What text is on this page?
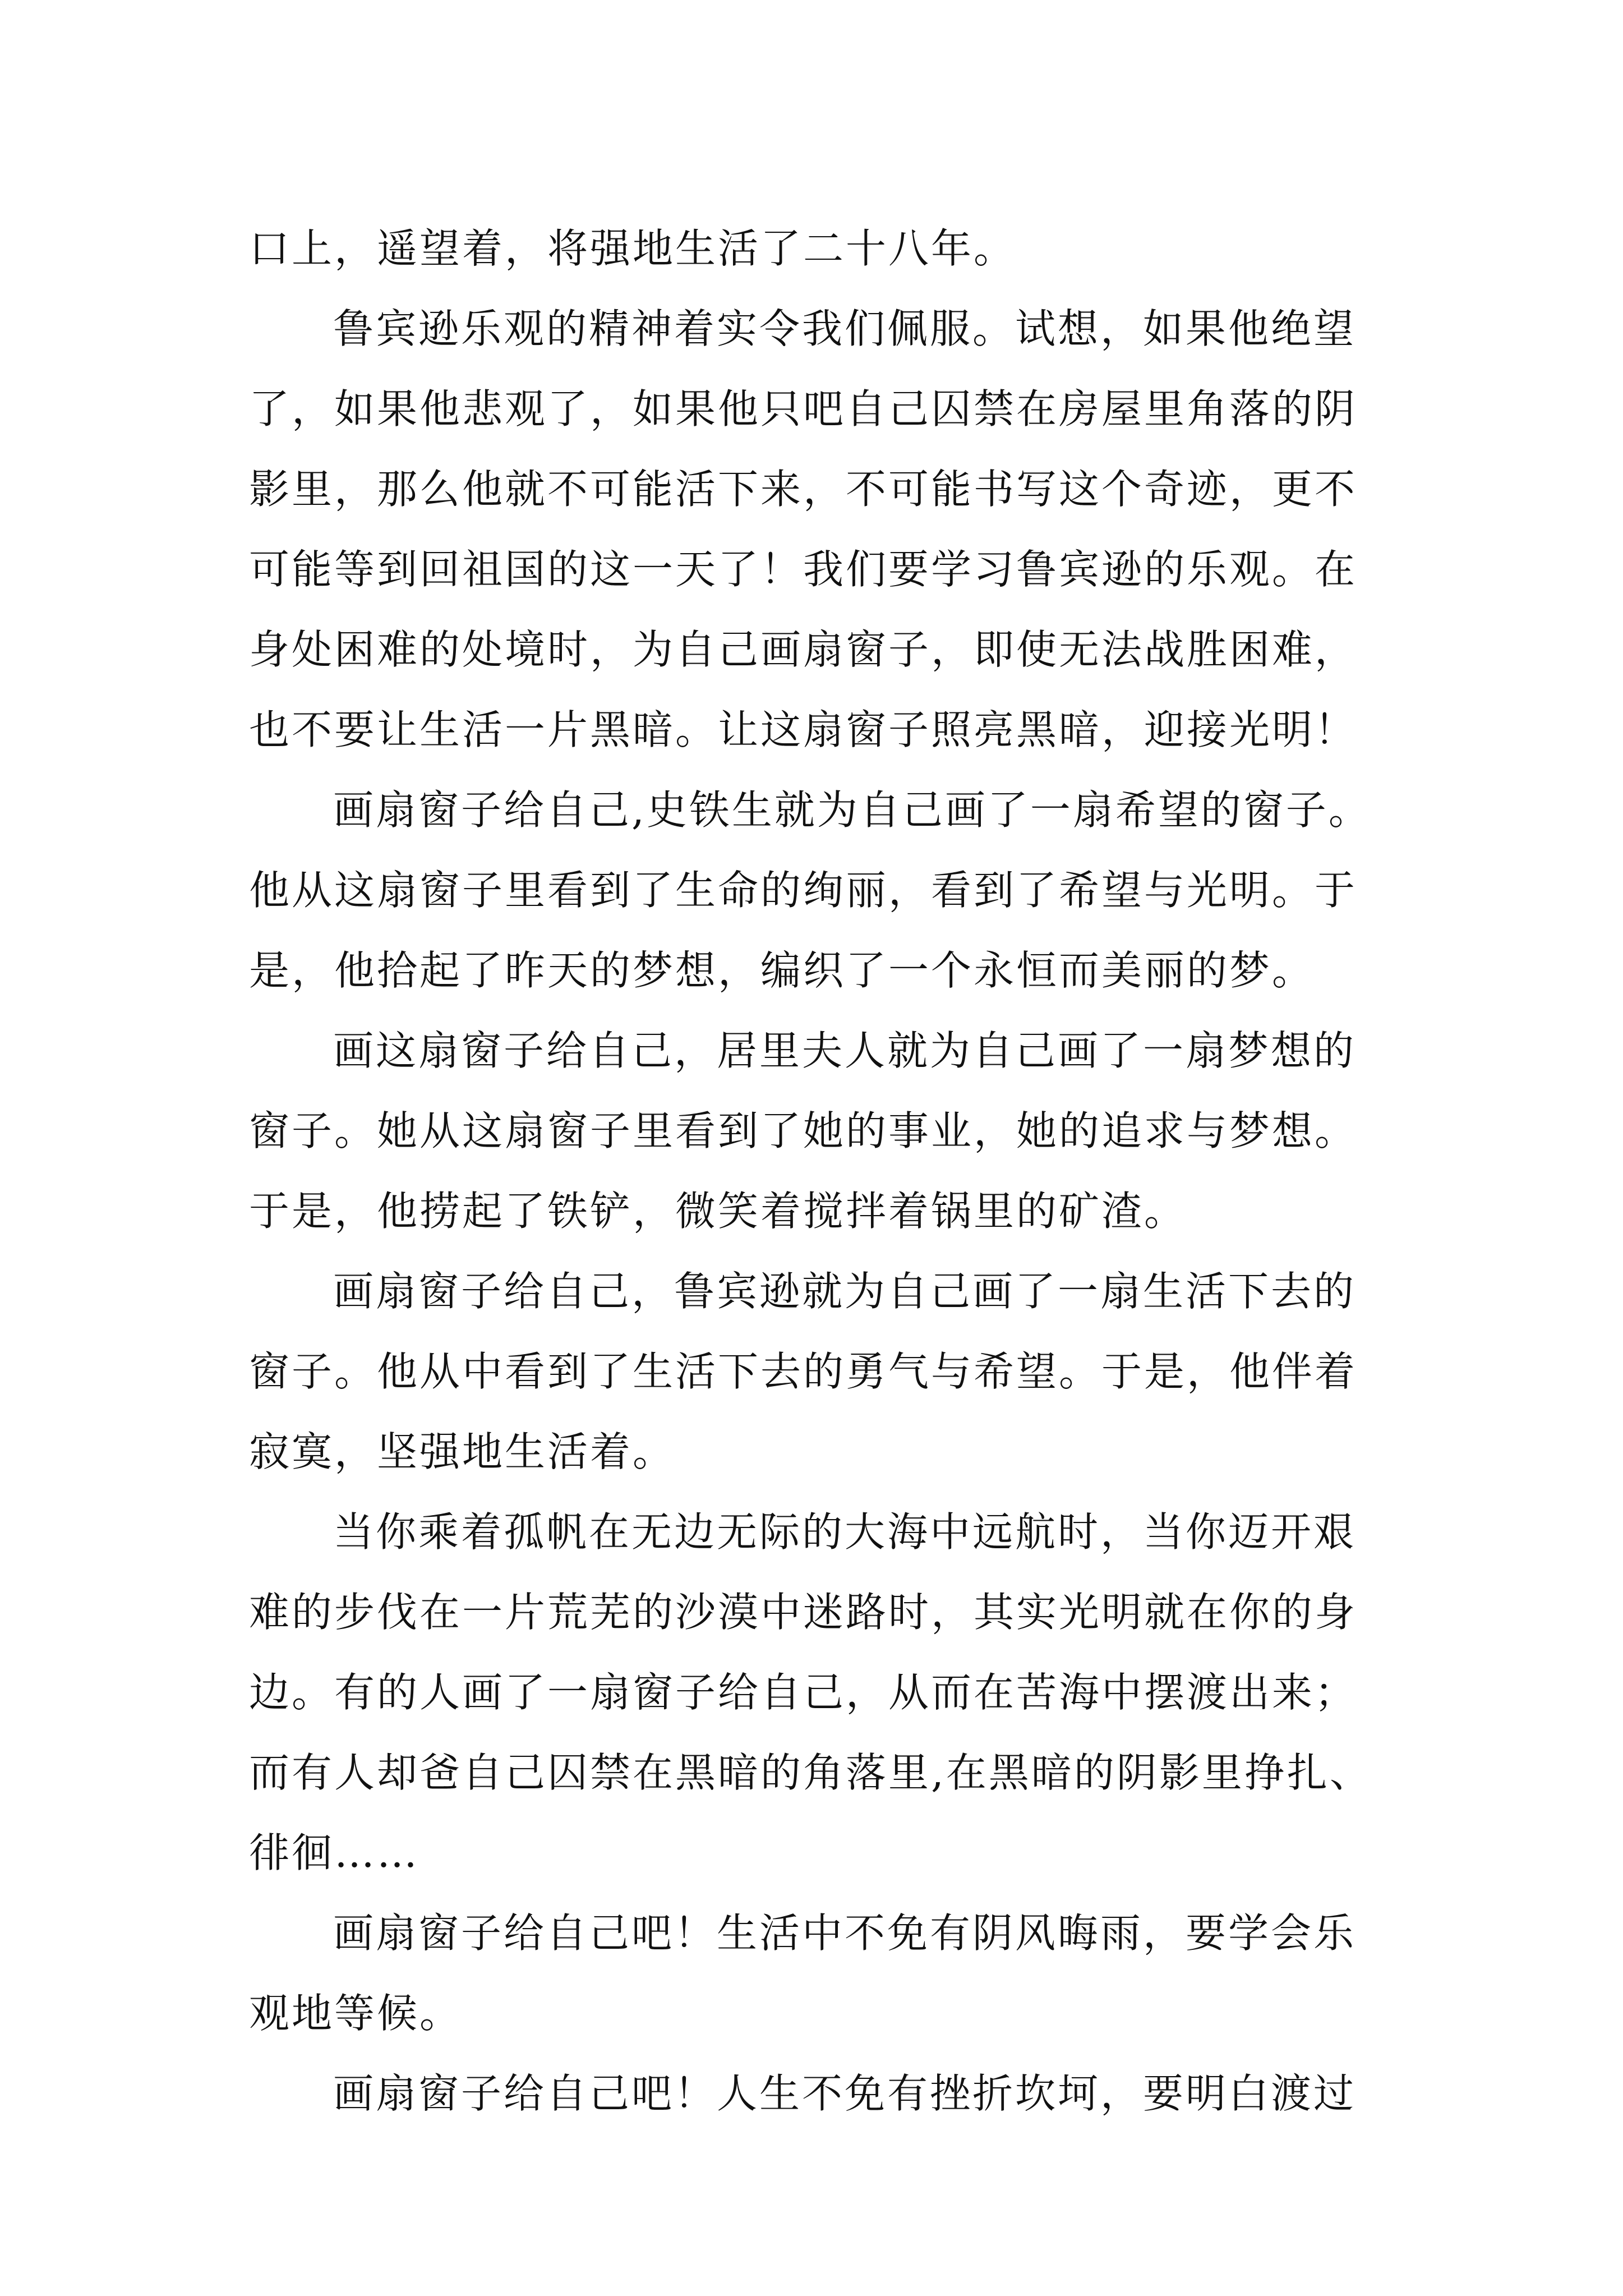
口上，遥望着，将强地生活了二十八年。
鲁宾逊乐观的精神着实令我们佩服。试想，如果他绝望
了，如果他悲观了，如果他只吧自己囚禁在房屋里角落的阴
影里，那么他就不可能活下来，不可能书写这个奇迹，更不
可能等到回祖国的这一天了！我们要学习鲁宾逊的乐观。在
身处困难的处境时，为自己画扇窗子，即使无法战胜困难，
也不要让生活一片黑暗。让这扇窗子照亮黑暗，迎接光明！
画扇窗子给自己,史铁生就为自己画了一扇希望的窗子。
他从这扇窗子里看到了生命的绚丽，看到了希望与光明。于
是，他拾起了昨天的梦想，编织了一个永恒而美丽的梦。
画这扇窗子给自己，居里夫人就为自己画了一扇梦想的
窗子。她从这扇窗子里看到了她的事业，她的追求与梦想。
于是，他捞起了铁铲，微笑着搅拌着锅里的矿渣。
画扇窗子给自己，鲁宾逊就为自己画了一扇生活下去的
窗子。他从中看到了生活下去的勇气与希望。于是，他伴着
寂寞，坚强地生活着。
当你乘着孤帆在无边无际的大海中远航时，当你迈开艰
难的步伐在一片荒芜的沙漠中迷路时，其实光明就在你的身
边。有的人画了一扇窗子给自己，从而在苦海中摆渡出来；
而有人却爸自己囚禁在黑暗的角落里,在黑暗的阴影里挣扎、
徘徊……
画扇窗子给自己吧！生活中不免有阴风晦雨，要学会乐
观地等候。
画扇窗子给自己吧！人生不免有挫折坎坷，要明白渡过
